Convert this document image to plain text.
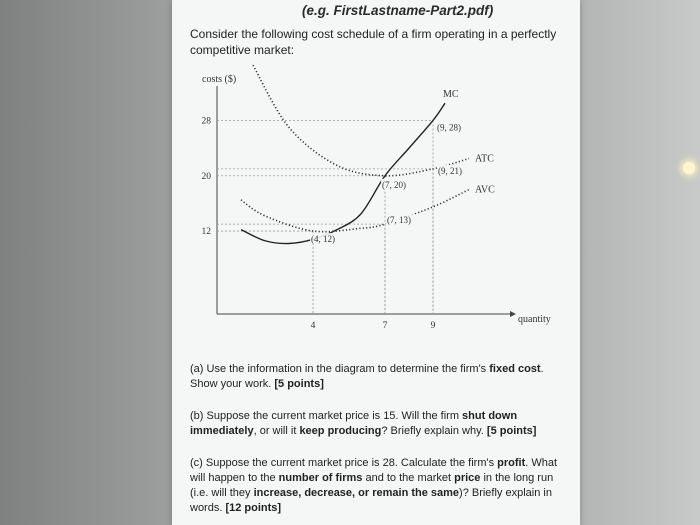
(e.g. FirstLastname-Part2.pdf)
Consider the following cost schedule of a firm operating in a perfectly competitive market:
28
20
12
4	7	9
MC
ATC
AVC
(9, 28)
(7, 20)
(9, 21)
(7, 13)
(4, 12)
costs ($)
quantity
(a) Use the information in the diagram to determine the firm's fixed cost. Show your work. [5 points]
(b) Suppose the current market price is 15. Will the firm shut down immediately, or will it keep producing? Briefly explain why. [5 points]
(c) Suppose the current market price is 28. Calculate the firm's profit. What will happen to the number of firms and to the market price in the long run (i.e. will they increase, decrease, or remain the same)? Briefly explain in words. [12 points]
